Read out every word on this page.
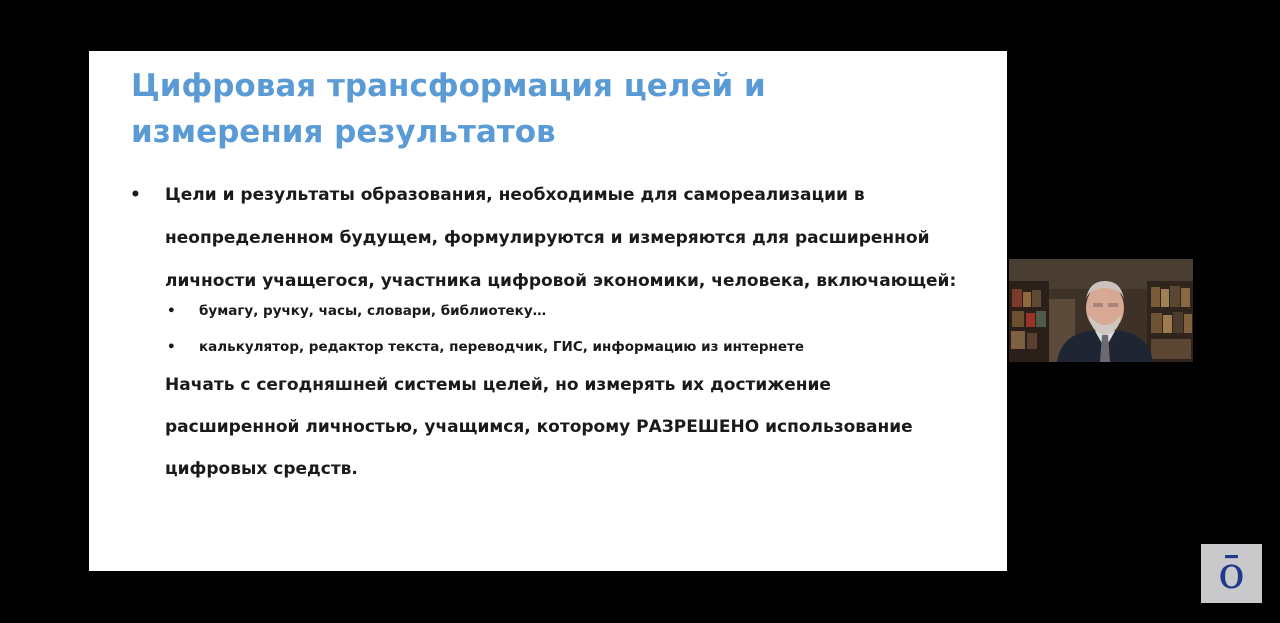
Цифровая трансформация целей и измерения результатов
• Цели и результаты образования, необходимые для самореализации в неопределенном будущем, формулируются и измеряются для расширенной личности учащегося, участника цифровой экономики, человека, включающей:
• бумагу, ручку, часы, словари, библиотеку…
• калькулятор, редактор текста, переводчик, ГИС, информацию из интернете
Начать с сегодняшней системы целей, но измерять их достижение расширенной личностью, учащимся, которому РАЗРЕШЕНО использование цифровых средств.
ō
